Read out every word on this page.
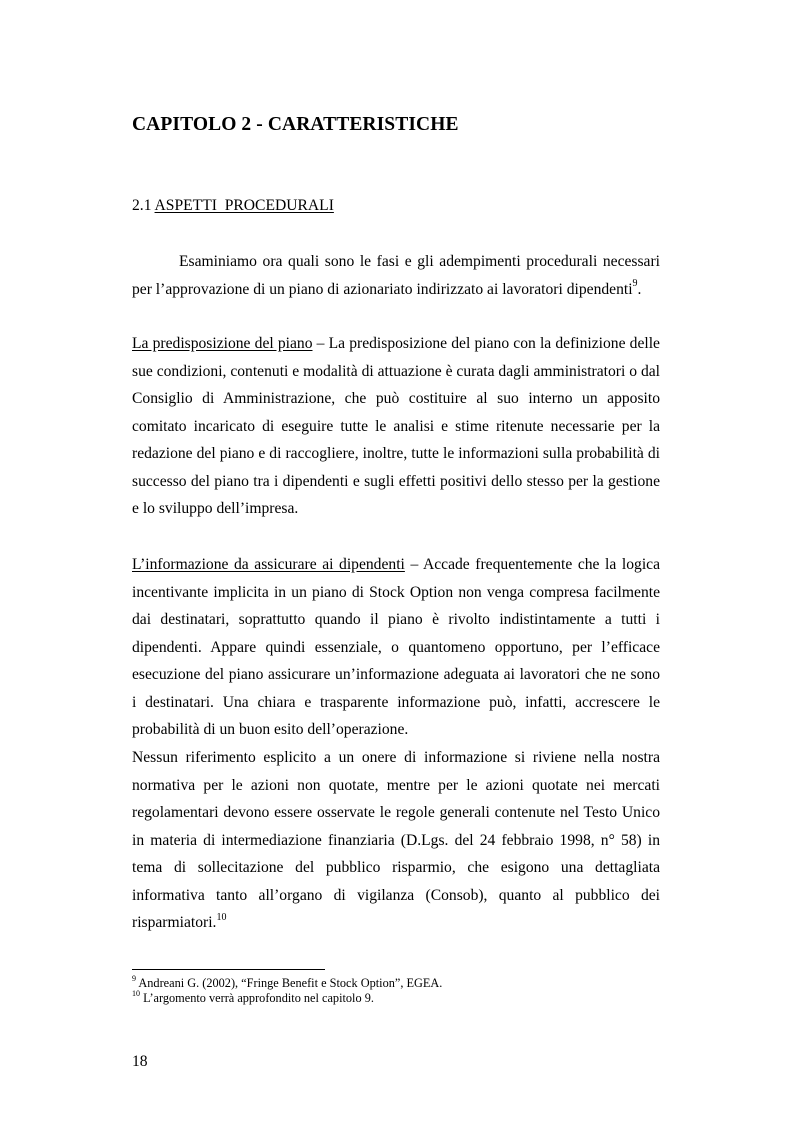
CAPITOLO 2 - CARATTERISTICHE
2.1 ASPETTI  PROCEDURALI

Esaminiamo ora quali sono le fasi e gli adempimenti procedurali necessari per l’approvazione di un piano di azionariato indirizzato ai lavoratori dipendenti$^9$.

La predisposizione del piano – La predisposizione del piano con la definizione delle sue condizioni, contenuti e modalità di attuazione è curata dagli amministratori o dal Consiglio di Amministrazione, che può costituire al suo interno un apposito comitato incaricato di eseguire tutte le analisi e stime ritenute necessarie per la redazione del piano e di raccogliere, inoltre, tutte le informazioni sulla probabilità di successo del piano tra i dipendenti e sugli effetti positivi dello stesso per la gestione e lo sviluppo dell’impresa.

L’informazione da assicurare ai dipendenti – Accade frequentemente che la logica incentivante implicita in un piano di Stock Option non venga compresa facilmente dai destinatari, soprattutto quando il piano è rivolto indistintamente a tutti i dipendenti. Appare quindi essenziale, o quantomeno opportuno, per l’efficace esecuzione del piano assicurare un’informazione adeguata ai lavoratori che ne sono i destinatari. Una chiara e trasparente informazione può, infatti, accrescere le probabilità di un buon esito dell’operazione.

Nessun riferimento esplicito a un onere di informazione si riviene nella nostra normativa per le azioni non quotate, mentre per le azioni quotate nei mercati regolamentari devono essere osservate le regole generali contenute nel Testo Unico in materia di intermediazione finanziaria (D.Lgs. del 24 febbraio 1998, n° 58) in tema di sollecitazione del pubblico risparmio, che esigono una dettagliata informativa tanto all’organo di vigilanza (Consob), quanto al pubblico dei risparmiatori.$^{10}$

$^9$ Andreani G. (2002), “Fringe Benefit e Stock Option”, EGEA.
$^{10}$ L’argomento verrà approfondito nel capitolo 9.
18
